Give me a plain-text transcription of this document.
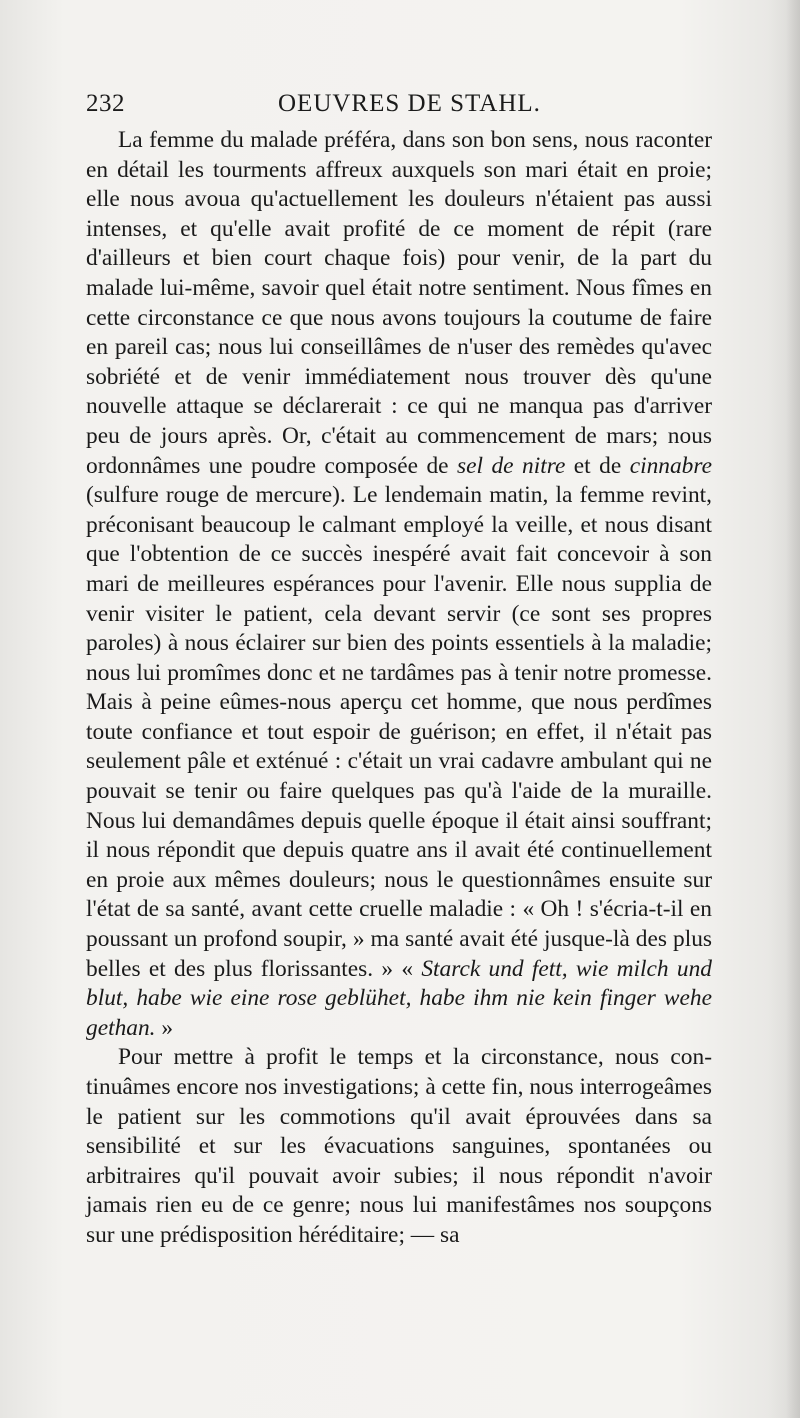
232	OEUVRES DE STAHL.

La femme du malade préféra, dans son bon sens, nous raconter en détail les tourments affreux auxquels son mari était en proie; elle nous avoua qu'actuellement les douleurs n'étaient pas aussi intenses, et qu'elle avait profité de ce moment de répit (rare d'ailleurs et bien court chaque fois) pour venir, de la part du malade lui-même, savoir quel était notre sentiment. Nous fîmes en cette circonstance ce que nous avons toujours la coutume de faire en pareil cas; nous lui conseillâmes de n'user des remèdes qu'avec sobriété et de venir immédiatement nous trouver dès qu'une nouvelle attaque se déclarerait : ce qui ne manqua pas d'arriver peu de jours après. Or, c'était au commencement de mars; nous ordonnâmes une poudre composée de sel de nitre et de cinnabre (sulfure rouge de mercure). Le lendemain matin, la femme revint, préconisant beaucoup le calmant employé la veille, et nous disant que l'obtention de ce succès inespéré avait fait concevoir à son mari de meilleures espérances pour l'avenir. Elle nous supplia de venir visiter le patient, cela devant servir (ce sont ses propres paroles) à nous éclairer sur bien des points essentiels à la maladie; nous lui promîmes donc et ne tardâmes pas à tenir notre promesse. Mais à peine eûmes-nous aperçu cet homme, que nous perdîmes toute confiance et tout espoir de guérison; en effet, il n'était pas seulement pâle et exténué : c'était un vrai cadavre ambulant qui ne pouvait se tenir ou faire quelques pas qu'à l'aide de la muraille. Nous lui demandâmes depuis quelle époque il était ainsi souffrant; il nous répondit que depuis quatre ans il avait été continuellement en proie aux mêmes douleurs; nous le questionnâmes ensuite sur l'état de sa santé, avant cette cruelle maladie : « Oh ! s'écria-t-il en poussant un profond soupir, » ma santé avait été jusque-là des plus belles et des plus florissantes. » « Starck und fett, wie milch und blut, habe wie eine rose geblühet, habe ihm nie kein finger wehe gethan. »

Pour mettre à profit le temps et la circonstance, nous continuâmes encore nos investigations; à cette fin, nous interrogeâmes le patient sur les commotions qu'il avait éprouvées dans sa sensibilité et sur les évacuations sanguines, spontanées ou arbitraires qu'il pouvait avoir subies; il nous répondit n'avoir jamais rien eu de ce genre; nous lui manifestâmes nos soupçons sur une prédisposition héréditaire; — sa
